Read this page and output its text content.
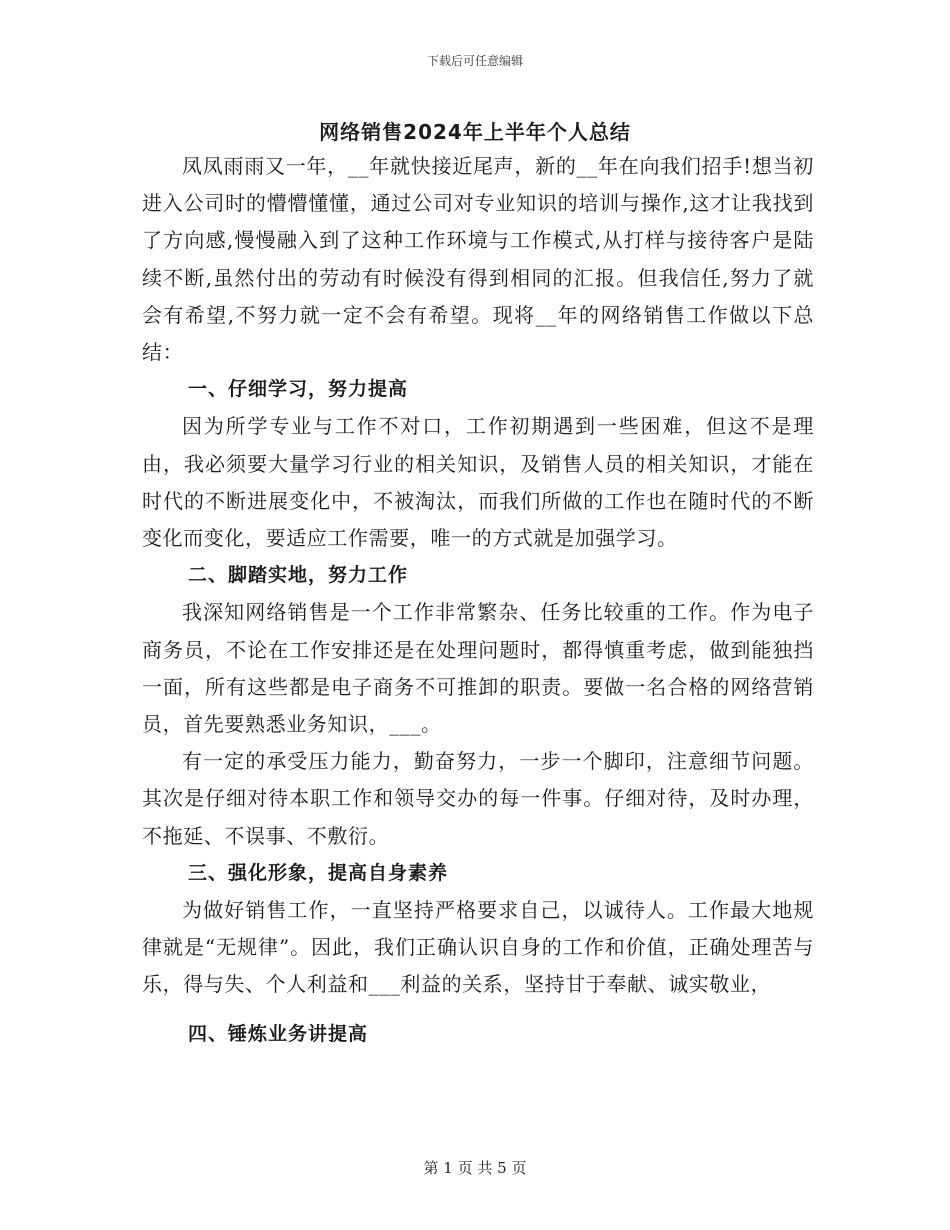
下载后可任意编辑
网络销售2024年上半年个人总结

凤凤雨雨又一年，__年就快接近尾声，新的__年在向我们招手!想当初进入公司时的懵懵懂懂，通过公司对专业知识的培训与操作,这才让我找到了方向感,慢慢融入到了这种工作环境与工作模式,从打样与接待客户是陆续不断,虽然付出的劳动有时候没有得到相同的汇报。但我信任,努力了就会有希望,不努力就一定不会有希望。现将__年的网络销售工作做以下总结：

一、仔细学习，努力提高

因为所学专业与工作不对口，工作初期遇到一些困难，但这不是理由，我必须要大量学习行业的相关知识，及销售人员的相关知识，才能在时代的不断进展变化中，不被淘汰，而我们所做的工作也在随时代的不断变化而变化，要适应工作需要，唯一的方式就是加强学习。

二、脚踏实地，努力工作

我深知网络销售是一个工作非常繁杂、任务比较重的工作。作为电子商务员，不论在工作安排还是在处理问题时，都得慎重考虑，做到能独挡一面，所有这些都是电子商务不可推卸的职责。要做一名合格的网络营销员，首先要熟悉业务知识，___。

有一定的承受压力能力，勤奋努力，一步一个脚印，注意细节问题。其次是仔细对待本职工作和领导交办的每一件事。仔细对待，及时办理，不拖延、不误事、不敷衍。

三、强化形象，提高自身素养

为做好销售工作，一直坚持严格要求自己，以诚待人。工作最大地规律就是“无规律”。因此，我们正确认识自身的工作和价值，正确处理苦与乐，得与失、个人利益和___利益的关系，坚持甘于奉献、诚实敬业，

四、锤炼业务讲提高

第 1 页 共 5 页
